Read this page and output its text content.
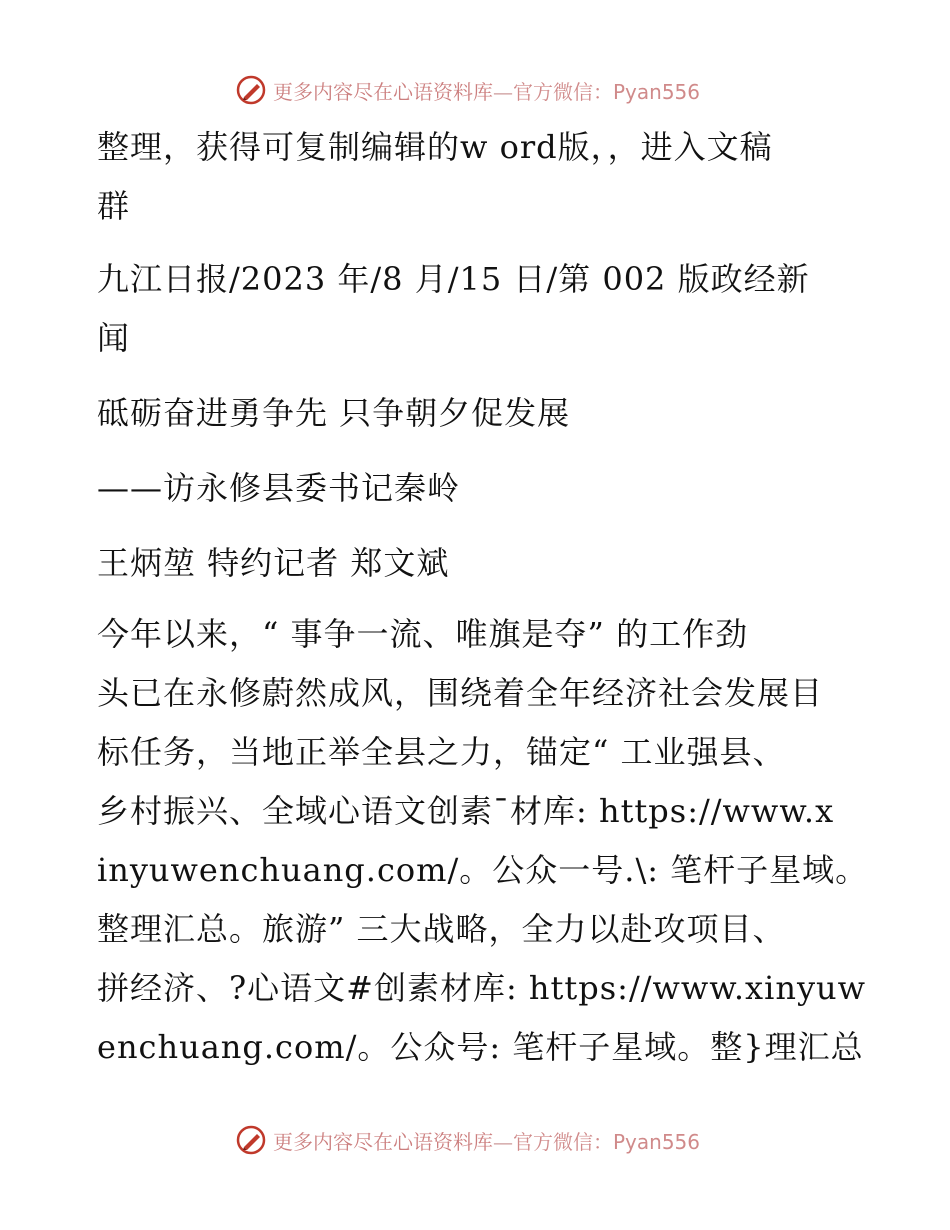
更多内容尽在心语资料库—官方微信：Pyan556
整理，获得可复制编辑的w ord版，，进入文稿
群
九江日报/2023 年/8 月/15 日/第 002 版政经新
闻
砥砺奋进勇争先 只争朝夕促发展
——访永修县委书记秦岭
王炳堃 特约记者 郑文斌
今年以来，“ 事争一流、唯旗是夺” 的工作劲
头已在永修蔚然成风，围绕着全年经济社会发展目
标任务，当地正举全县之力，锚定“ 工业强县、
乡村振兴、全域心语文创素¯材库: https://www.x
inyuwenchuang.com/。公众一号.\: 笔杆子星域。
整理汇总。旅游” 三大战略，全力以赴攻项目、
拼经济、?心语文#创素材库: https://www.xinyuw
enchuang.com/。公众号: 笔杆子星域。整}理汇总
更多内容尽在心语资料库—官方微信：Pyan556
